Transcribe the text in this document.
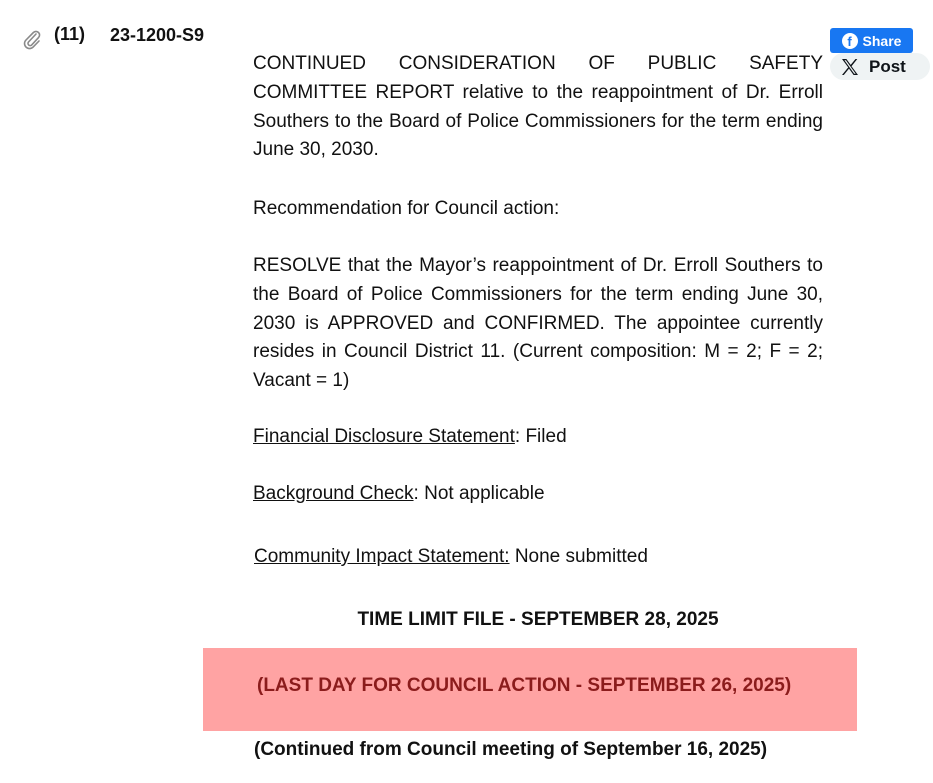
(11) 23-1200-S9	f Share
Post
CONTINUED CONSIDERATION OF PUBLIC SAFETY COMMITTEE REPORT relative to the reappointment of Dr. Erroll Southers to the Board of Police Commissioners for the term ending June 30, 2030.
Recommendation for Council action:
RESOLVE that the Mayor’s reappointment of Dr. Erroll Southers to the Board of Police Commissioners for the term ending June 30, 2030 is APPROVED and CONFIRMED. The appointee currently resides in Council District 11. (Current composition: M = 2; F = 2; Vacant = 1)
Financial Disclosure Statement: Filed
Background Check: Not applicable
Community Impact Statement: None submitted
TIME LIMIT FILE - SEPTEMBER 28, 2025
(LAST DAY FOR COUNCIL ACTION - SEPTEMBER 26, 2025)
(Continued from Council meeting of September 16, 2025)
